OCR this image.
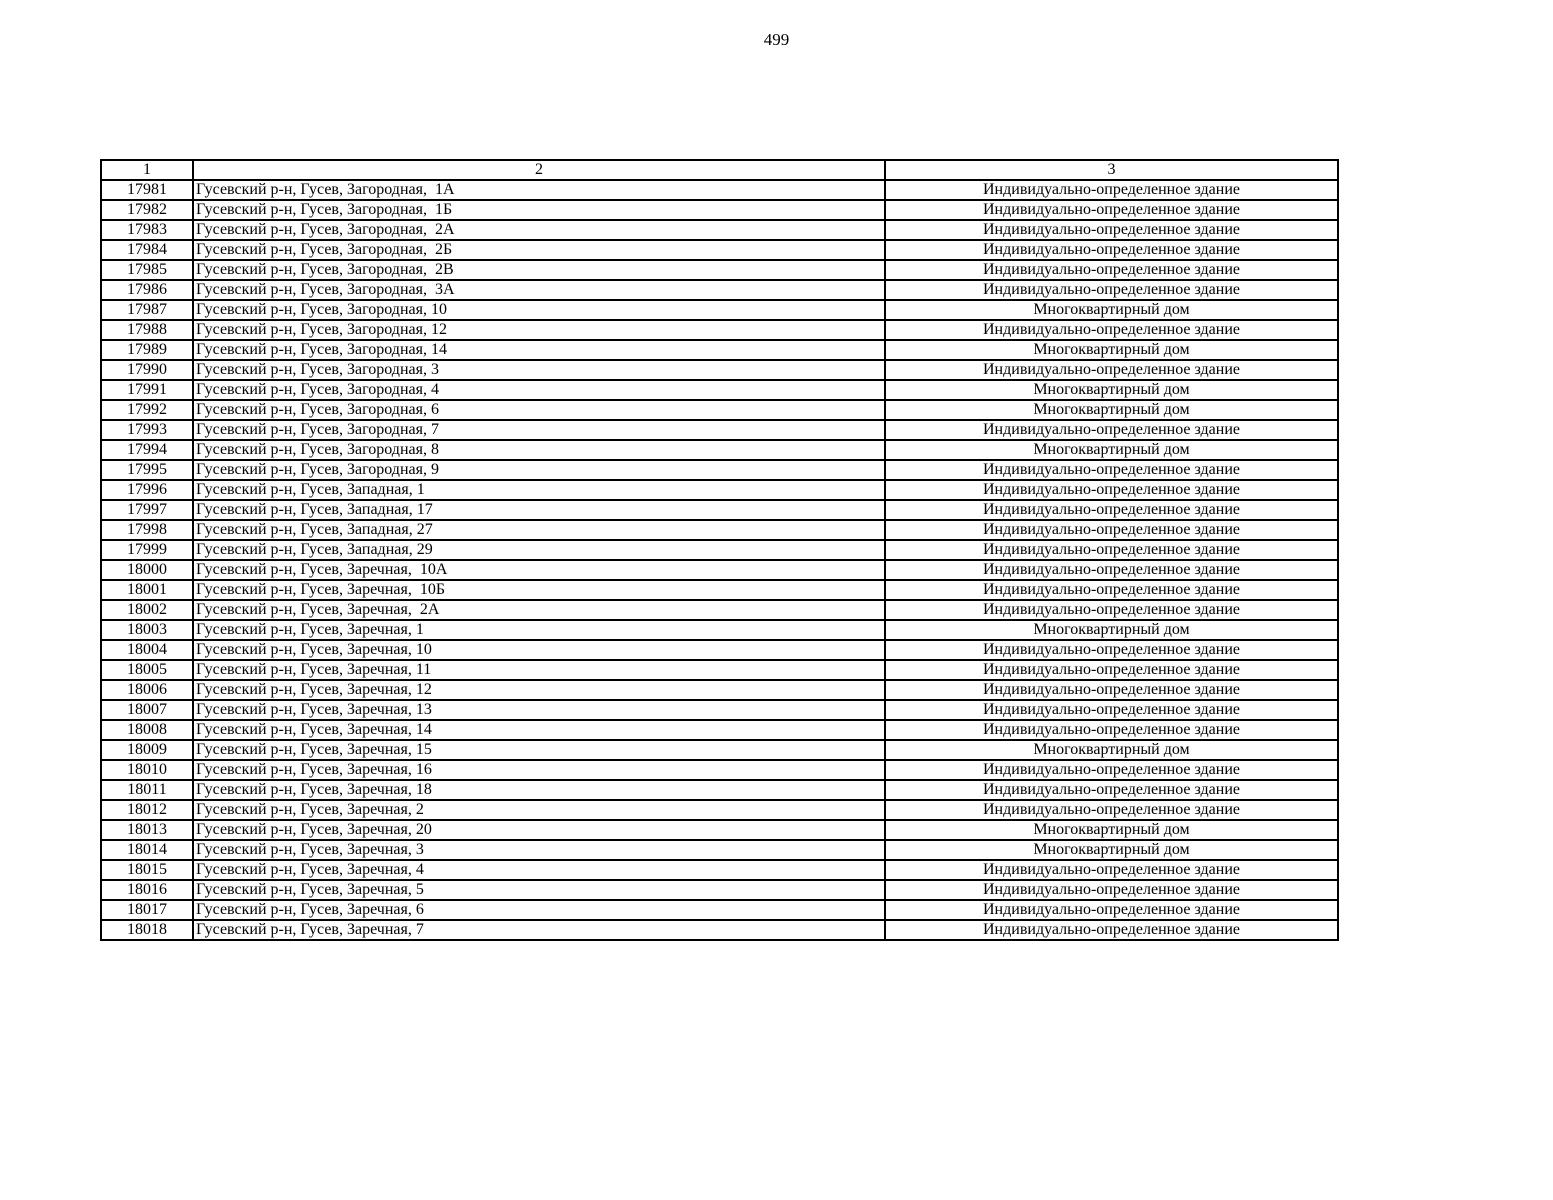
499
1	2	3
17981	Гусевский р-н, Гусев, Загородная,  1А	Индивидуально-определенное здание
17982	Гусевский р-н, Гусев, Загородная,  1Б	Индивидуально-определенное здание
17983	Гусевский р-н, Гусев, Загородная,  2А	Индивидуально-определенное здание
17984	Гусевский р-н, Гусев, Загородная,  2Б	Индивидуально-определенное здание
17985	Гусевский р-н, Гусев, Загородная,  2В	Индивидуально-определенное здание
17986	Гусевский р-н, Гусев, Загородная,  3А	Индивидуально-определенное здание
17987	Гусевский р-н, Гусев, Загородная, 10	Многоквартирный дом
17988	Гусевский р-н, Гусев, Загородная, 12	Индивидуально-определенное здание
17989	Гусевский р-н, Гусев, Загородная, 14	Многоквартирный дом
17990	Гусевский р-н, Гусев, Загородная, 3	Индивидуально-определенное здание
17991	Гусевский р-н, Гусев, Загородная, 4	Многоквартирный дом
17992	Гусевский р-н, Гусев, Загородная, 6	Многоквартирный дом
17993	Гусевский р-н, Гусев, Загородная, 7	Индивидуально-определенное здание
17994	Гусевский р-н, Гусев, Загородная, 8	Многоквартирный дом
17995	Гусевский р-н, Гусев, Загородная, 9	Индивидуально-определенное здание
17996	Гусевский р-н, Гусев, Западная, 1	Индивидуально-определенное здание
17997	Гусевский р-н, Гусев, Западная, 17	Индивидуально-определенное здание
17998	Гусевский р-н, Гусев, Западная, 27	Индивидуально-определенное здание
17999	Гусевский р-н, Гусев, Западная, 29	Индивидуально-определенное здание
18000	Гусевский р-н, Гусев, Заречная,  10А	Индивидуально-определенное здание
18001	Гусевский р-н, Гусев, Заречная,  10Б	Индивидуально-определенное здание
18002	Гусевский р-н, Гусев, Заречная,  2А	Индивидуально-определенное здание
18003	Гусевский р-н, Гусев, Заречная, 1	Многоквартирный дом
18004	Гусевский р-н, Гусев, Заречная, 10	Индивидуально-определенное здание
18005	Гусевский р-н, Гусев, Заречная, 11	Индивидуально-определенное здание
18006	Гусевский р-н, Гусев, Заречная, 12	Индивидуально-определенное здание
18007	Гусевский р-н, Гусев, Заречная, 13	Индивидуально-определенное здание
18008	Гусевский р-н, Гусев, Заречная, 14	Индивидуально-определенное здание
18009	Гусевский р-н, Гусев, Заречная, 15	Многоквартирный дом
18010	Гусевский р-н, Гусев, Заречная, 16	Индивидуально-определенное здание
18011	Гусевский р-н, Гусев, Заречная, 18	Индивидуально-определенное здание
18012	Гусевский р-н, Гусев, Заречная, 2	Индивидуально-определенное здание
18013	Гусевский р-н, Гусев, Заречная, 20	Многоквартирный дом
18014	Гусевский р-н, Гусев, Заречная, 3	Многоквартирный дом
18015	Гусевский р-н, Гусев, Заречная, 4	Индивидуально-определенное здание
18016	Гусевский р-н, Гусев, Заречная, 5	Индивидуально-определенное здание
18017	Гусевский р-н, Гусев, Заречная, 6	Индивидуально-определенное здание
18018	Гусевский р-н, Гусев, Заречная, 7	Индивидуально-определенное здание
